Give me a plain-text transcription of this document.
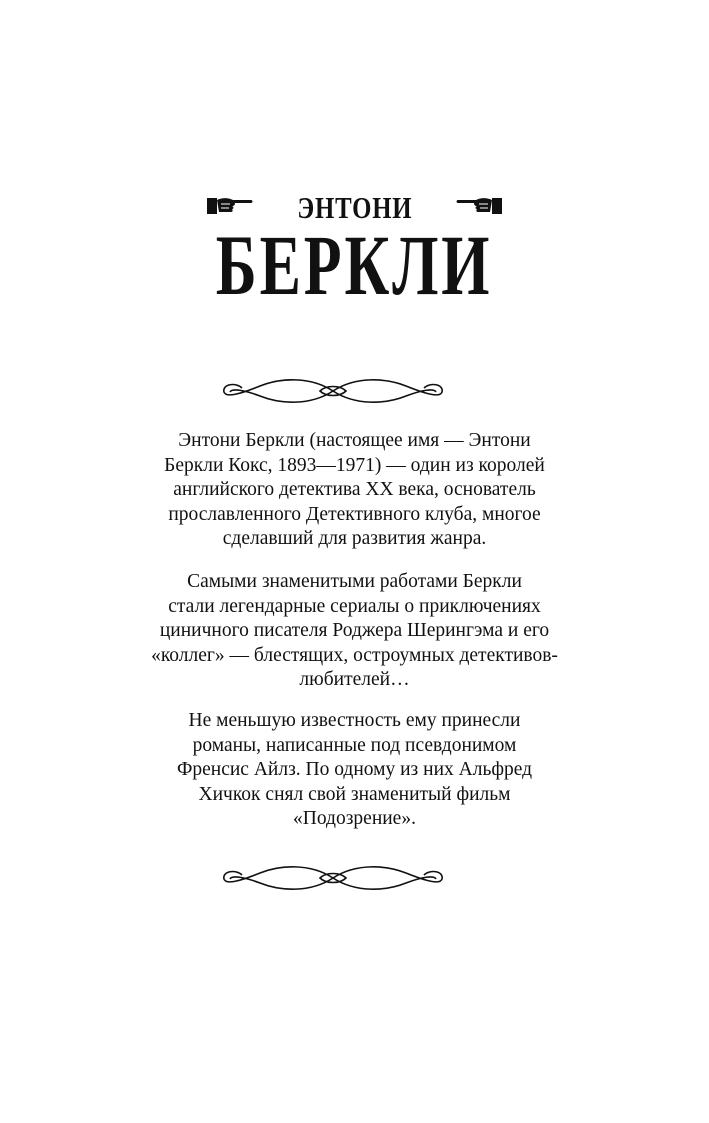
ЭНТОНИ
БЕРКЛИ
Энтони Беркли (настоящее имя — Энтони
Беркли Кокс, 1893—1971) — один из королей
английского детектива XX века, основатель
прославленного Детективного клуба, многое
сделавший для развития жанра.
Самыми знаменитыми работами Беркли
стали легендарные сериалы о приключениях
циничного писателя Роджера Шерингэма и его
«коллег» — блестящих, остроумных детективов-
любителей…
Не меньшую известность ему принесли
романы, написанные под псевдонимом
Френсис Айлз. По одному из них Альфред
Хичкок снял свой знаменитый фильм
«Подозрение».
